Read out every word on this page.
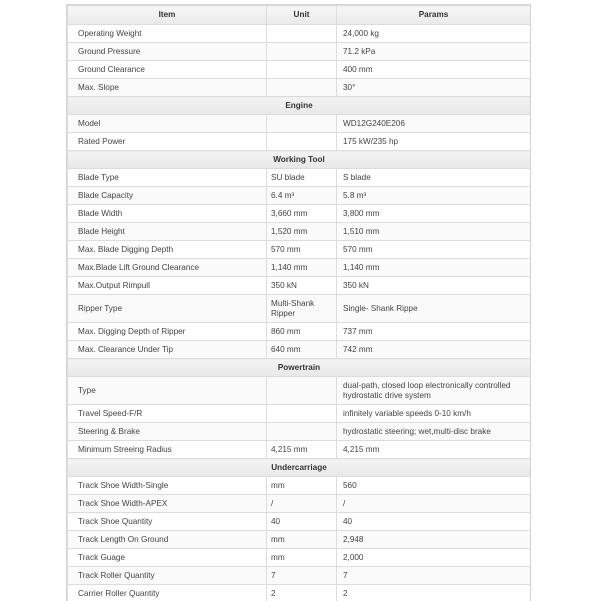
Item	Unit	Params
Operating Weight		24,000 kg
Ground Pressure		71.2 kPa
Ground Clearance		400 mm
Max. Slope		30°
Engine		
Model		WD12G240E206
Rated Power		175 kW/235 hp
Working Tool		
Blade Type	SU blade	S blade
Blade Capacity	6.4 m³	5.8 m³
Blade Width	3,660 mm	3,800 mm
Blade Height	1,520 mm	1,510 mm
Max. Blade Digging Depth	570 mm	570 mm
Max.Blade Lift Ground Clearance	1,140 mm	1,140 mm
Max.Output Rimpull	350 kN	350 kN
Ripper Type	Multi-Shank Ripper	Single- Shank Rippe
Max. Digging Depth of Ripper	860 mm	737 mm
Max. Clearance Under Tip	640 mm	742 mm
Powertrain		
Type		dual-path, closed loop electronically controlled hydrostatic drive system
Travel Speed-F/R		infinitely variable speeds 0-10 km/h
Steering & Brake		hydrostatic steering; wet,multi-disc brake
Minimum Streeing Radius	4,215 mm	4,215 mm
Undercarriage		
Track Shoe Width-Single	mm	560
Track Shoe Width-APEX	/	/
Track Shoe Quantity	40	40
Track Length On Ground	mm	2,948
Track Guage	mm	2,000
Track Roller Quantity	7	7
Carrier Roller Quantity	2	2
